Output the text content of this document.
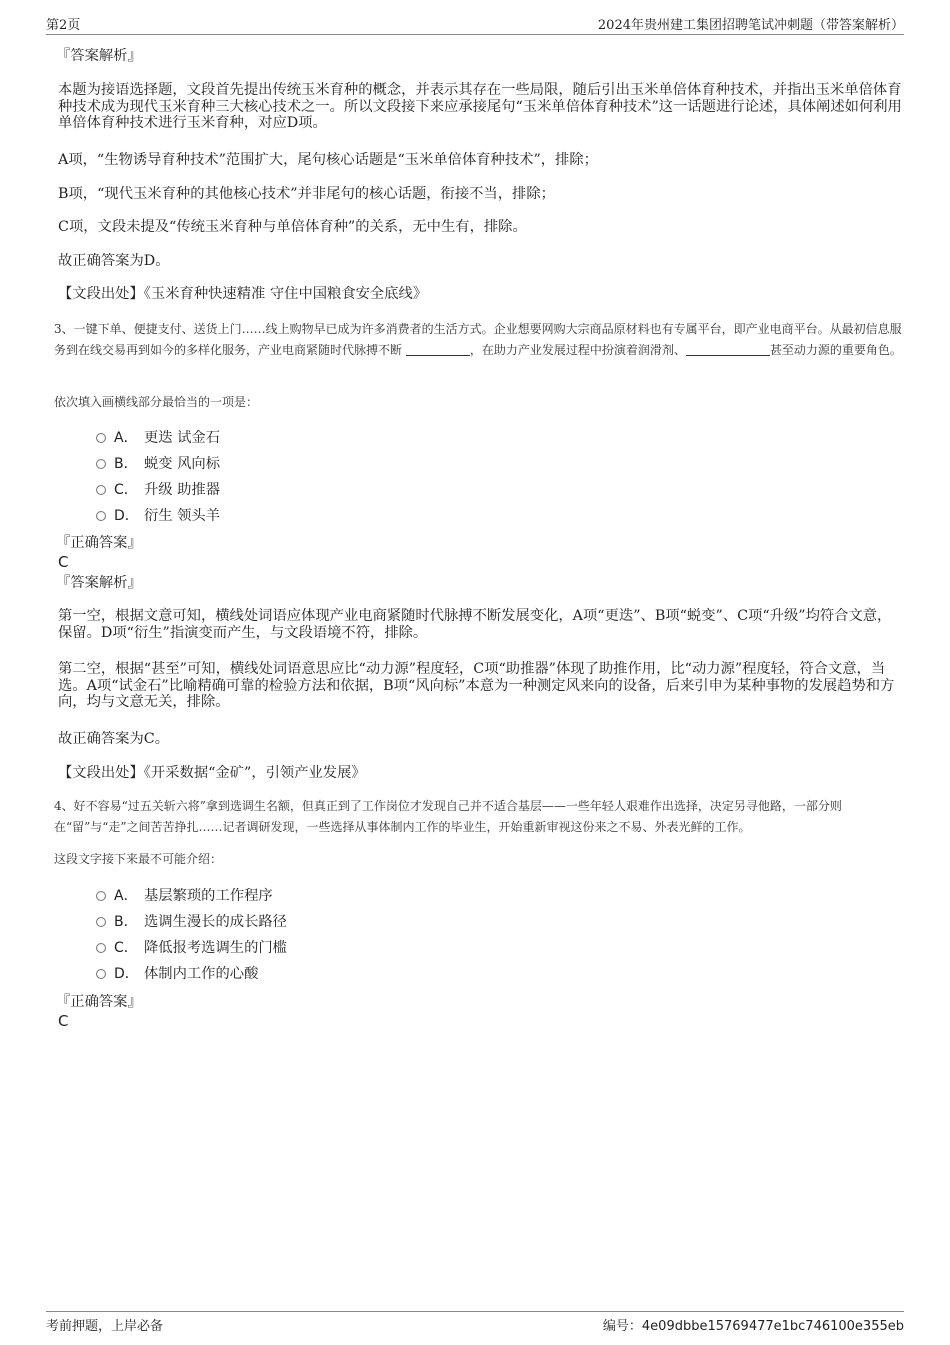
第2页	2024年贵州建工集团招聘笔试冲刺题（带答案解析）
『答案解析』
本题为接语选择题，文段首先提出传统玉米育种的概念，并表示其存在一些局限，随后引出玉米单倍体育种技术，并指出玉米单倍体育种技术成为现代玉米育种三大核心技术之一。所以文段接下来应承接尾句“玉米单倍体育种技术”这一话题进行论述，具体阐述如何利用单倍体育种技术进行玉米育种，对应D项。
A项，“生物诱导育种技术”范围扩大，尾句核心话题是“玉米单倍体育种技术”，排除；
B项，“现代玉米育种的其他核心技术”并非尾句的核心话题，衔接不当，排除；
C项，文段未提及“传统玉米育种与单倍体育种”的关系，无中生有，排除。
故正确答案为D。
【文段出处】《玉米育种快速精准 守住中国粮食安全底线》
3、一键下单、便捷支付、送货上门……线上购物早已成为许多消费者的生活方式。企业想要网购大宗商品原材料也有专属平台，即产业电商平台。从最初信息服务到在线交易再到如今的多样化服务，产业电商紧随时代脉搏不断	，在助力产业发展过程中扮演着润滑剂、	甚至动力源的重要角色。
依次填入画横线部分最恰当的一项是：
A． 更迭 试金石
B． 蜕变 风向标
C． 升级 助推器
D． 衍生 领头羊
『正确答案』
C
『答案解析』
第一空，根据文意可知，横线处词语应体现产业电商紧随时代脉搏不断发展变化，A项“更迭”、B项“蜕变”、C项“升级”均符合文意，保留。D项“衍生”指演变而产生，与文段语境不符，排除。
第二空，根据“甚至”可知，横线处词语意思应比“动力源”程度轻，C项“助推器”体现了助推作用，比“动力源”程度轻，符合文意，当选。A项“试金石”比喻精确可靠的检验方法和依据，B项“风向标”本意为一种测定风来向的设备，后来引申为某种事物的发展趋势和方向，均与文意无关，排除。
故正确答案为C。
【文段出处】《开采数据“金矿”，引领产业发展》
4、好不容易“过五关斩六将”拿到选调生名额，但真正到了工作岗位才发现自己并不适合基层——一些年轻人艰难作出选择，决定另寻他路，一部分则在“留”与“走”之间苦苦挣扎……记者调研发现，一些选择从事体制内工作的毕业生，开始重新审视这份来之不易、外表光鲜的工作。
这段文字接下来最不可能介绍：
A． 基层繁琐的工作程序
B． 选调生漫长的成长路径
C． 降低报考选调生的门槛
D． 体制内工作的心酸
『正确答案』
C
考前押题，上岸必备	编号：4e09dbbe15769477e1bc746100e355eb
